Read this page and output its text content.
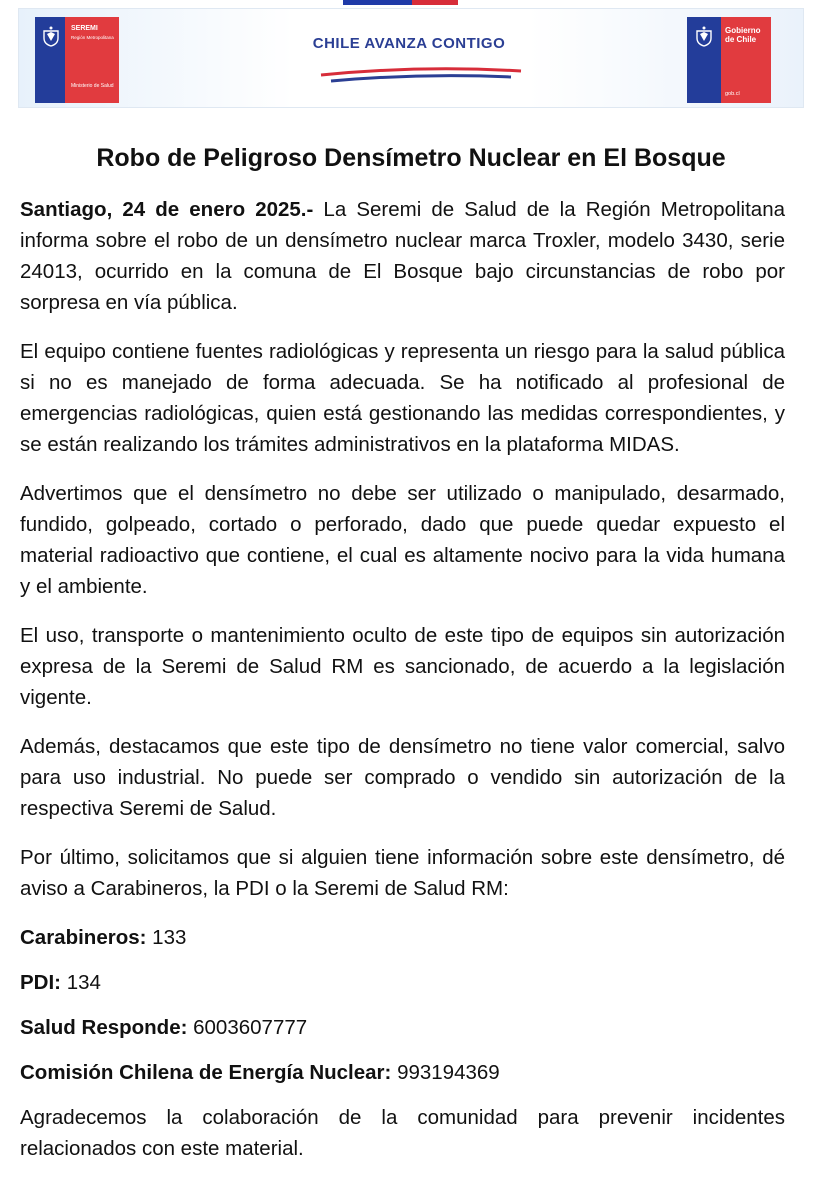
SEREMI
Región Metropolitana
Ministerio de Salud
CHILE AVANZA CONTIGO
Gobierno de Chile
gob.cl
Robo de Peligroso Densímetro Nuclear en El Bosque

Santiago, 24 de enero 2025.- La Seremi de Salud de la Región Metropolitana informa sobre el robo de un densímetro nuclear marca Troxler, modelo 3430, serie 24013, ocurrido en la comuna de El Bosque bajo circunstancias de robo por sorpresa en vía pública.

El equipo contiene fuentes radiológicas y representa un riesgo para la salud pública si no es manejado de forma adecuada. Se ha notificado al profesional de emergencias radiológicas, quien está gestionando las medidas correspondientes, y se están realizando los trámites administrativos en la plataforma MIDAS.

Advertimos que el densímetro no debe ser utilizado o manipulado, desarmado, fundido, golpeado, cortado o perforado, dado que puede quedar expuesto el material radioactivo que contiene, el cual es altamente nocivo para la vida humana y el ambiente.

El uso, transporte o mantenimiento oculto de este tipo de equipos sin autorización expresa de la Seremi de Salud RM es sancionado, de acuerdo a la legislación vigente.

Además, destacamos que este tipo de densímetro no tiene valor comercial, salvo para uso industrial. No puede ser comprado o vendido sin autorización de la respectiva Seremi de Salud.

Por último, solicitamos que si alguien tiene información sobre este densímetro, dé aviso a Carabineros, la PDI o la Seremi de Salud RM:

Carabineros: 133

PDI: 134

Salud Responde: 6003607777

Comisión Chilena de Energía Nuclear: 993194369

Agradecemos la colaboración de la comunidad para prevenir incidentes relacionados con este material.
